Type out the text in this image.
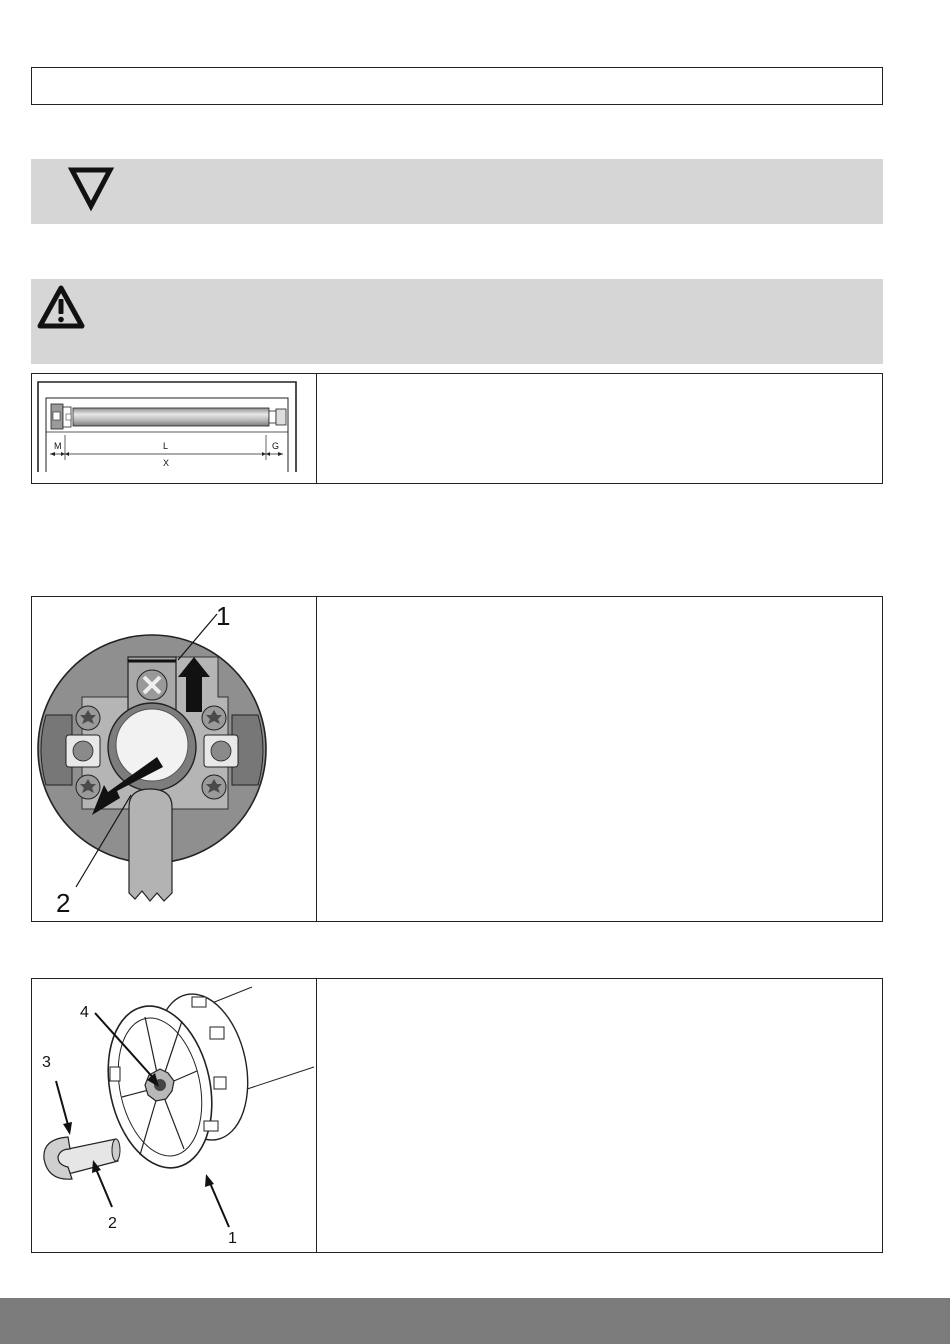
M	L	G
X
1
2
4
3
2
1
